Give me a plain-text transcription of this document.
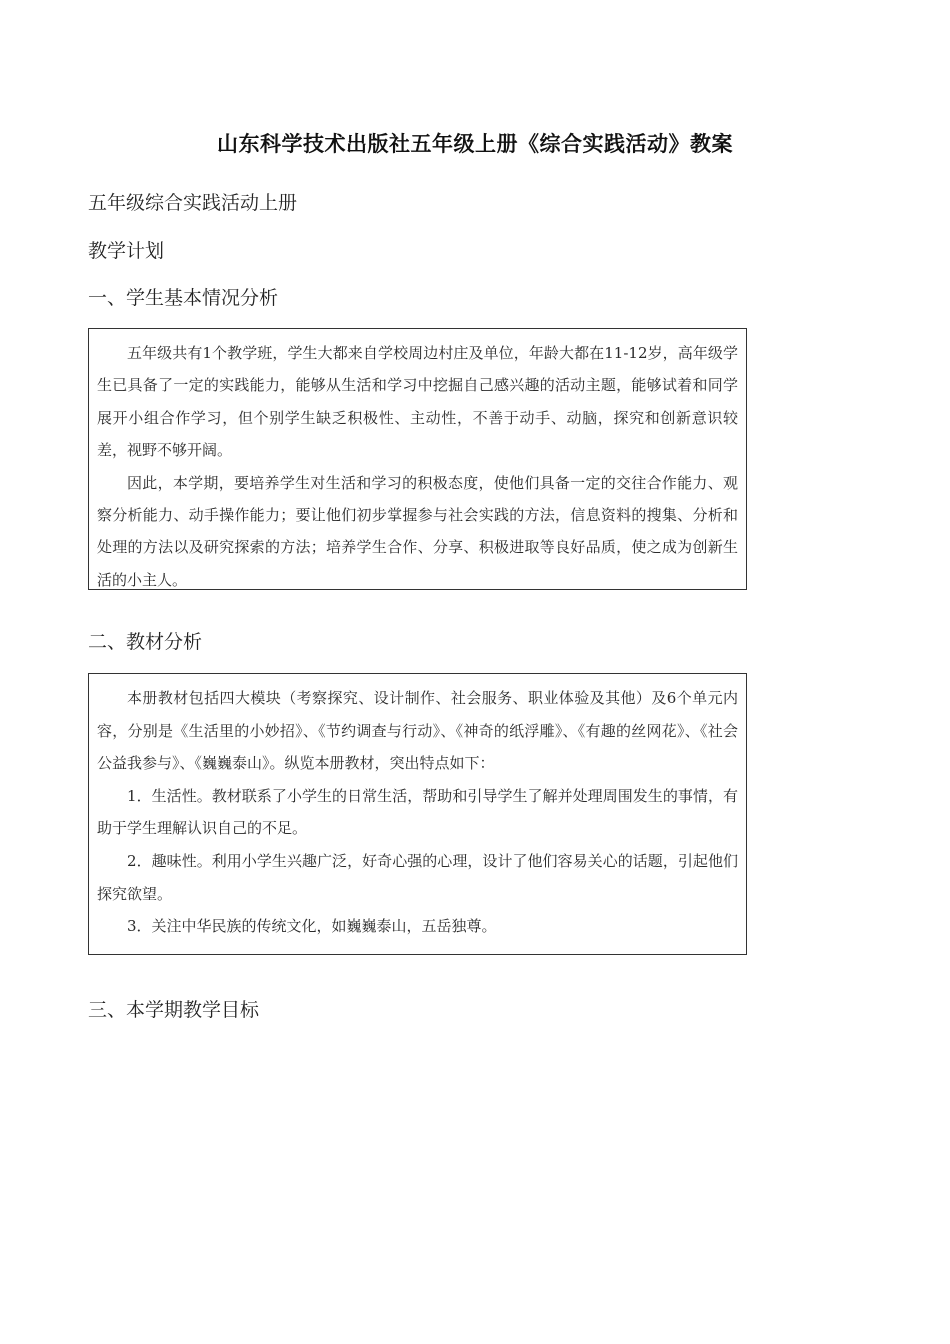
山东科学技术出版社五年级上册《综合实践活动》教案
五年级综合实践活动上册
教学计划
一、学生基本情况分析

五年级共有1个教学班，学生大都来自学校周边村庄及单位，年龄大都在11-12岁，高年级学生已具备了一定的实践能力，能够从生活和学习中挖掘自己感兴趣的活动主题，能够试着和同学展开小组合作学习，但个别学生缺乏积极性、主动性，不善于动手、动脑，探究和创新意识较差，视野不够开阔。

因此，本学期，要培养学生对生活和学习的积极态度，使他们具备一定的交往合作能力、观察分析能力、动手操作能力；要让他们初步掌握参与社会实践的方法，信息资料的搜集、分析和处理的方法以及研究探索的方法；培养学生合作、分享、积极进取等良好品质，使之成为创新生活的小主人。

二、教材分析

本册教材包括四大模块（考察探究、设计制作、社会服务、职业体验及其他）及6个单元内容，分别是《生活里的小妙招》、《节约调查与行动》、《神奇的纸浮雕》、《有趣的丝网花》、《社会公益我参与》、《巍巍泰山》。纵览本册教材，突出特点如下：

1．生活性。教材联系了小学生的日常生活，帮助和引导学生了解并处理周围发生的事情，有助于学生理解认识自己的不足。

2．趣味性。利用小学生兴趣广泛，好奇心强的心理，设计了他们容易关心的话题，引起他们探究欲望。

3．关注中华民族的传统文化，如巍巍泰山，五岳独尊。

三、本学期教学目标
